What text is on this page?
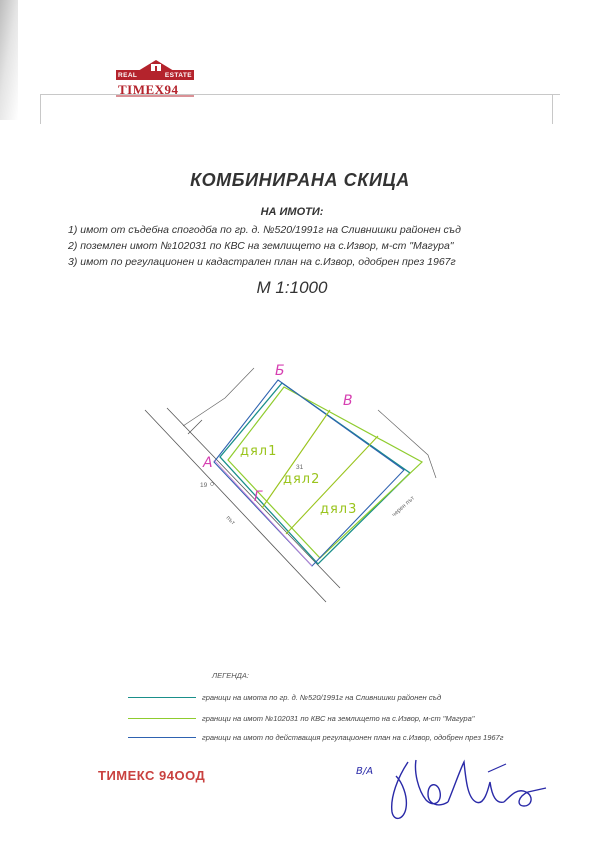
REAL	ESTATE
TIMEX94
КОМБИНИРАНА СКИЦА
НА ИМОТИ:
1) имот от съдебна спогодба по гр. д. №520/1991г на Сливнишки районен съд
2) поземлен имот №102031 по КВС на землището на с.Извор, м-ст "Магура"
3) имот по регулационен и кадастрален план на с.Извор, одобрен през 1967г
М 1:1000
Б
В
А
Г
дял1
дял2
дял3
31
19
път
черен път
ЛЕГЕНДА:
граници на имота по гр. д. №520/1991г на Сливнишки районен съд
граници на имот №102031 по КВС на землището на с.Извор, м-ст "Магура"
граници на имот по действащия регулационен план на с.Извор, одобрен през 1967г
ТИМЕКС 94ООД	В/А
